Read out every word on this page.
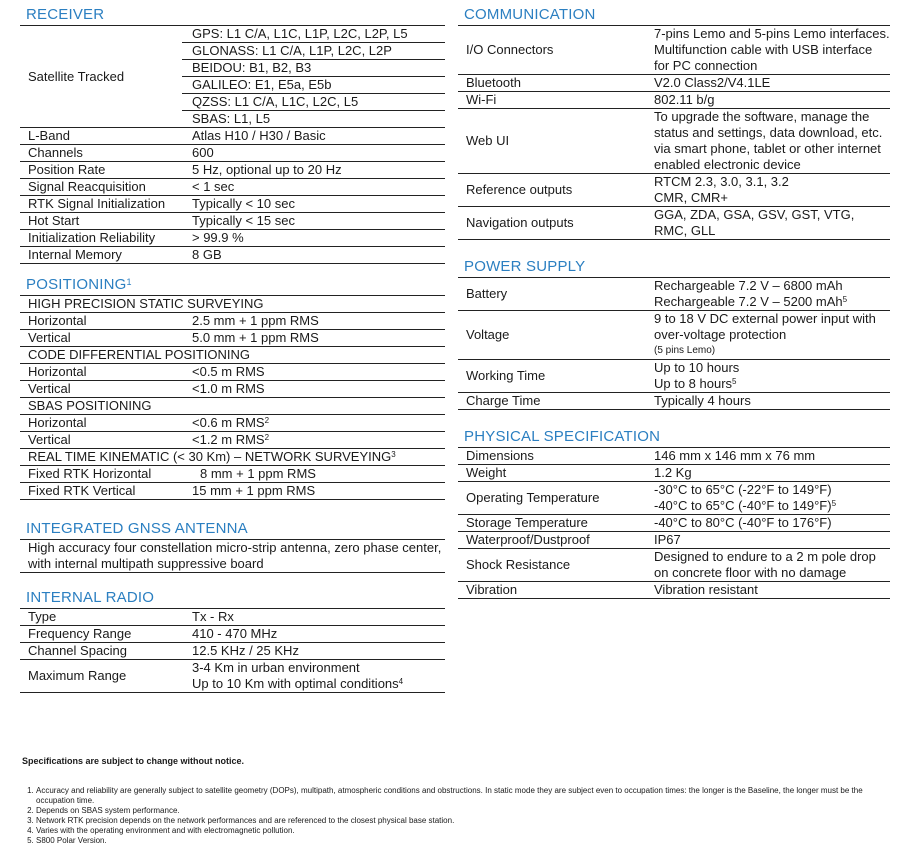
RECEIVER
Satellite Tracked	GPS: L1 C/A, L1C, L1P, L2C, L2P, L5
	GLONASS: L1 C/A, L1P, L2C, L2P
	BEIDOU: B1, B2, B3
	GALILEO: E1, E5a, E5b
	QZSS: L1 C/A, L1C, L2C, L5
	SBAS: L1, L5
L-Band	Atlas H10 / H30 / Basic
Channels	600
Position Rate	5 Hz, optional up to 20 Hz
Signal Reacquisition	< 1 sec
RTK Signal Initialization	Typically < 10 sec
Hot Start	Typically < 15 sec
Initialization Reliability	> 99.9 %
Internal Memory	8 GB
POSITIONING$^1$
HIGH PRECISION STATIC SURVEYING	
Horizontal	2.5 mm + 1 ppm RMS
Vertical	5.0 mm + 1 ppm RMS
CODE DIFFERENTIAL POSITIONING	
Horizontal	<0.5 m RMS
Vertical	<1.0 m RMS
SBAS POSITIONING	
Horizontal	<0.6 m RMS$^2$
Vertical	<1.2 m RMS$^2$
REAL TIME KINEMATIC (< 30 Km) – NETWORK SURVEYING$^3$
Fixed RTK Horizontal	8 mm + 1 ppm RMS
Fixed RTK Vertical	15 mm + 1 ppm RMS
INTEGRATED GNSS ANTENNA
High accuracy four constellation micro-strip antenna, zero phase center, with internal multipath suppressive board
INTERNAL RADIO
Type	Tx - Rx
Frequency Range	410 - 470 MHz
Channel Spacing	12.5 KHz / 25 KHz
Maximum Range	3-4 Km in urban environment
Up to 10 Km with optimal conditions$^4$
COMMUNICATION
I/O Connectors	7-pins Lemo and 5-pins Lemo interfaces. Multifunction cable with USB interface for PC connection
Bluetooth	V2.0 Class2/V4.1LE
Wi-Fi	802.11 b/g
Web UI	To upgrade the software, manage the status and settings, data download, etc. via smart phone, tablet or other internet enabled electronic device
Reference outputs	RTCM 2.3, 3.0, 3.1, 3.2
CMR, CMR+

Navigation outputs	GGA, ZDA, GSA, GSV, GST, VTG, RMC, GLL
POWER SUPPLY
Battery	Rechargeable 7.2 V – 6800 mAh
Rechargeable 7.2 V – 5200 mAh$^5$

Voltage	9 to 18 V DC external power input with over-voltage protection
(5 pins Lemo)

Working Time	Up to 10 hours
Up to 8 hours$^5$

Charge Time	Typically 4 hours
PHYSICAL SPECIFICATION
Dimensions	146 mm x 146 mm x 76 mm
Weight	1.2 Kg
Operating Temperature	-30°C to 65°C (-22°F to 149°F)
-40°C to 65°C (-40°F to 149°F)$^5$

Storage Temperature	-40°C to 80°C (-40°F to 176°F)
Waterproof/Dustproof	IP67
Shock Resistance	Designed to endure to a 2 m pole drop on concrete floor with no damage
Vibration	Vibration resistant
Specifications are subject to change without notice.
1. Accuracy and reliability are generally subject to satellite geometry (DOPs), multipath, atmospheric conditions and obstructions. In static mode they are subject even to occupation times: the longer is the Baseline, the longer must be the occupation time.
2. Depends on SBAS system performance.
3. Network RTK precision depends on the network performances and are referenced to the closest physical base station.
4. Varies with the operating environment and with electromagnetic pollution.
5. S800 Polar Version.
